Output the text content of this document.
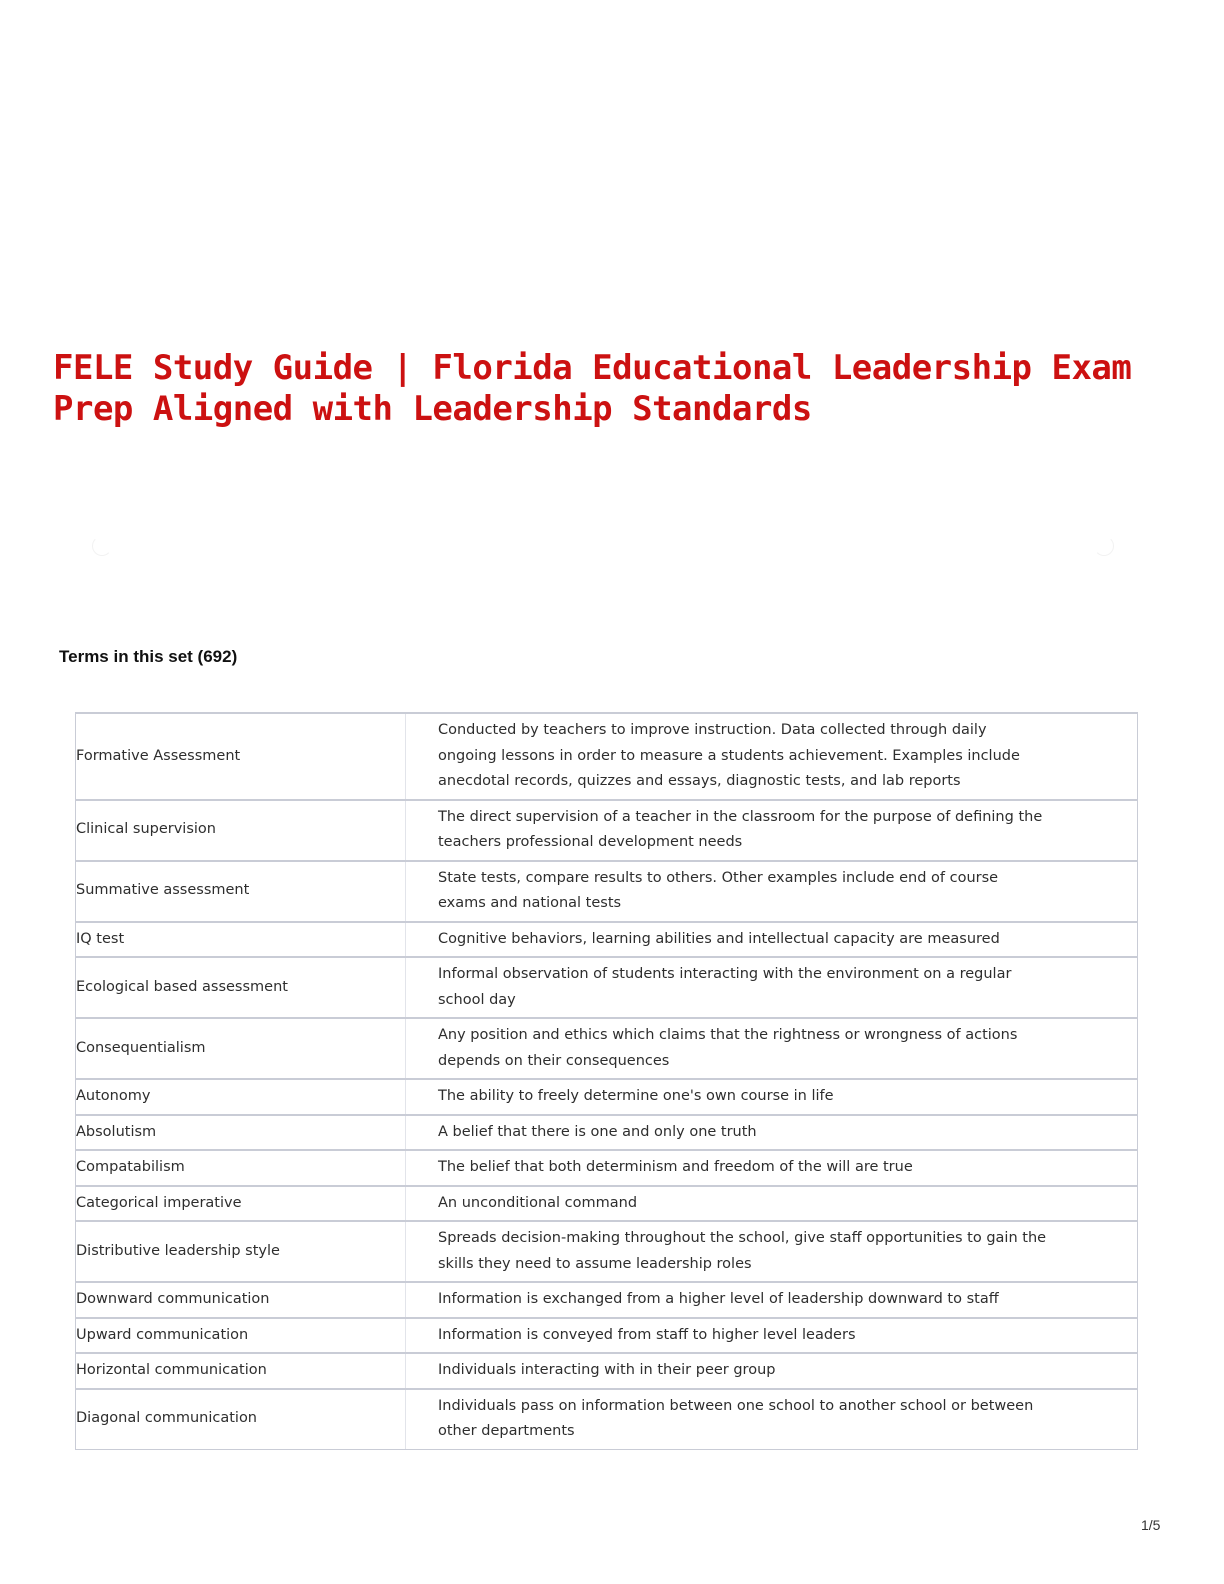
FELE Study Guide | Florida Educational Leadership Exam Prep Aligned with Leadership Standards
Terms in this set (692)
Formative Assessment	Conducted by teachers to improve instruction. Data collected through daily ongoing lessons in order to measure a students achievement. Examples include anecdotal records, quizzes and essays, diagnostic tests, and lab reports
Clinical supervision	The direct supervision of a teacher in the classroom for the purpose of defining the teachers professional development needs
Summative assessment	State tests, compare results to others. Other examples include end of course exams and national tests
IQ test	Cognitive behaviors, learning abilities and intellectual capacity are measured
Ecological based assessment	Informal observation of students interacting with the environment on a regular school day
Consequentialism	Any position and ethics which claims that the rightness or wrongness of actions depends on their consequences
Autonomy	The ability to freely determine one's own course in life
Absolutism	A belief that there is one and only one truth
Compatabilism	The belief that both determinism and freedom of the will are true
Categorical imperative	An unconditional command
Distributive leadership style	Spreads decision-making throughout the school, give staff opportunities to gain the skills they need to assume leadership roles
Downward communication	Information is exchanged from a higher level of leadership downward to staff
Upward communication	Information is conveyed from staff to higher level leaders
Horizontal communication	Individuals interacting with in their peer group
Diagonal communication	Individuals pass on information between one school to another school or between other departments
1/5
